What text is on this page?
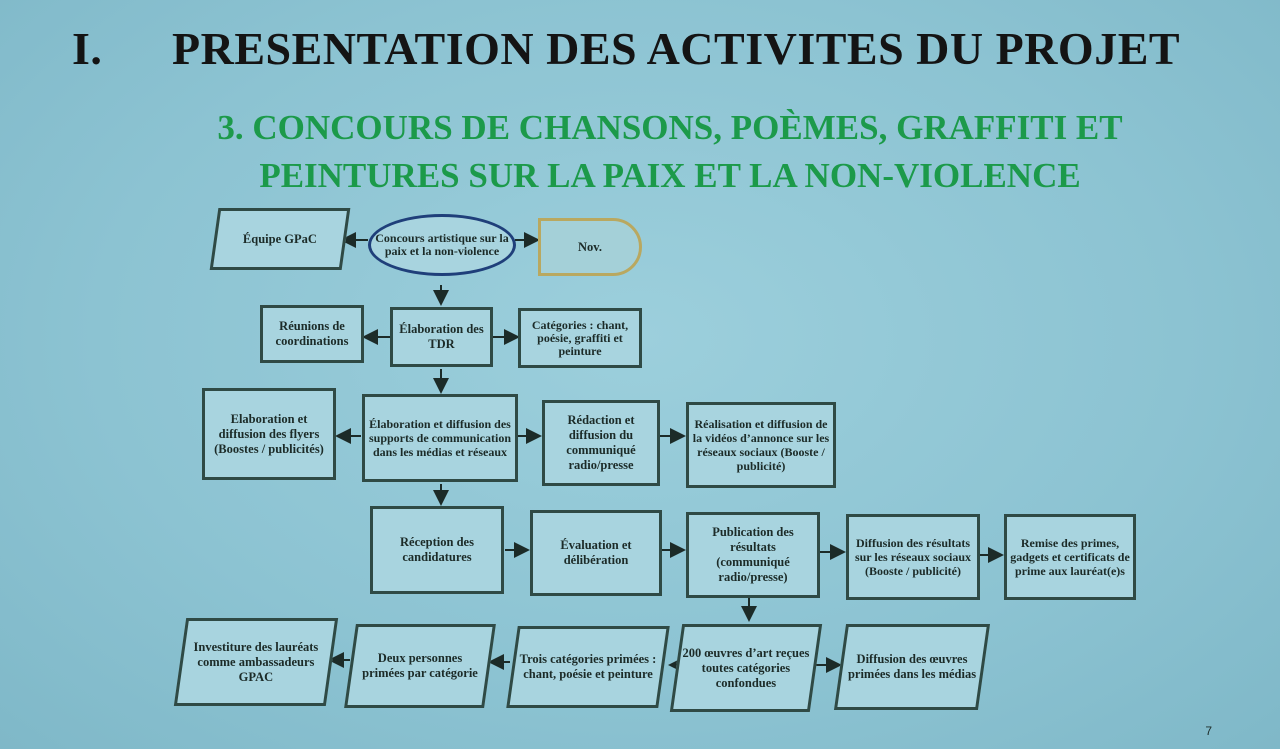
I. PRESENTATION DES ACTIVITES DU PROJET
3. CONCOURS DE CHANSONS, POÈMES, GRAFFITI ET PEINTURES SUR LA PAIX ET LA NON-VIOLENCE
Équipe GPaC	Concours artistique sur la paix et la non-violence	Nov.
Réunions de coordinations
Élaboration des TDR
Catégories : chant, poésie, graffiti et peinture
Elaboration et diffusion des flyers (Boostes / publicités)
Élaboration et diffusion des supports de communication dans les médias et réseaux
Rédaction et diffusion du communiqué radio/presse
Réalisation et diffusion de la vidéos d’annonce sur les réseaux sociaux (Booste / publicité)
Réception des candidatures
Évaluation et délibération
Publication des résultats (communiqué radio/presse)
Diffusion des résultats sur les réseaux sociaux (Booste / publicité)
Remise des primes, gadgets et certificats de prime aux lauréat(e)s
Investiture des lauréats comme ambassadeurs GPAC
Deux personnes primées par catégorie
Trois catégories primées : chant, poésie et peinture
200 œuvres d’art reçues toutes catégories confondues
Diffusion des œuvres primées dans les médias
7
